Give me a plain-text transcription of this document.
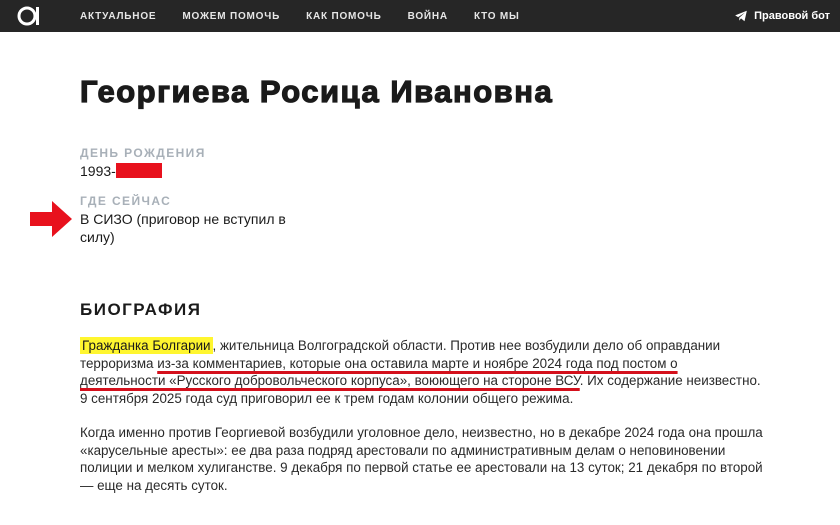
АКТУАЛЬНОЕ	МОЖЕМ ПОМОЧЬ	КАК ПОМОЧЬ	ВОЙНА	КТО МЫ	Правовой бот
Георгиева Росица Ивановна
ДЕНЬ РОЖДЕНИЯ
1993-
ГДЕ СЕЙЧАС
В СИЗО (приговор не вступил в
силу)
БИОГРАФИЯ
Гражданка Болгарии , жительница Волгоградской области. Против нее возбудили дело об оправдании
терроризма из-за комментариев, которые она оставила марте и ноябре 2024 года под постом о
деятельности «Русского добровольческого корпуса», воюющего на стороне ВСУ. Их содержание неизвестно.
9 сентября 2025 года суд приговорил ее к трем годам колонии общего режима.
Когда именно против Георгиевой возбудили уголовное дело, неизвестно, но в декабре 2024 года она прошла
«карусельные аресты»: ее два раза подряд арестовали по административным делам о неповиновении
полиции и мелком хулиганстве. 9 декабря по первой статье ее арестовали на 13 суток; 21 декабря по второй
— еще на десять суток.
